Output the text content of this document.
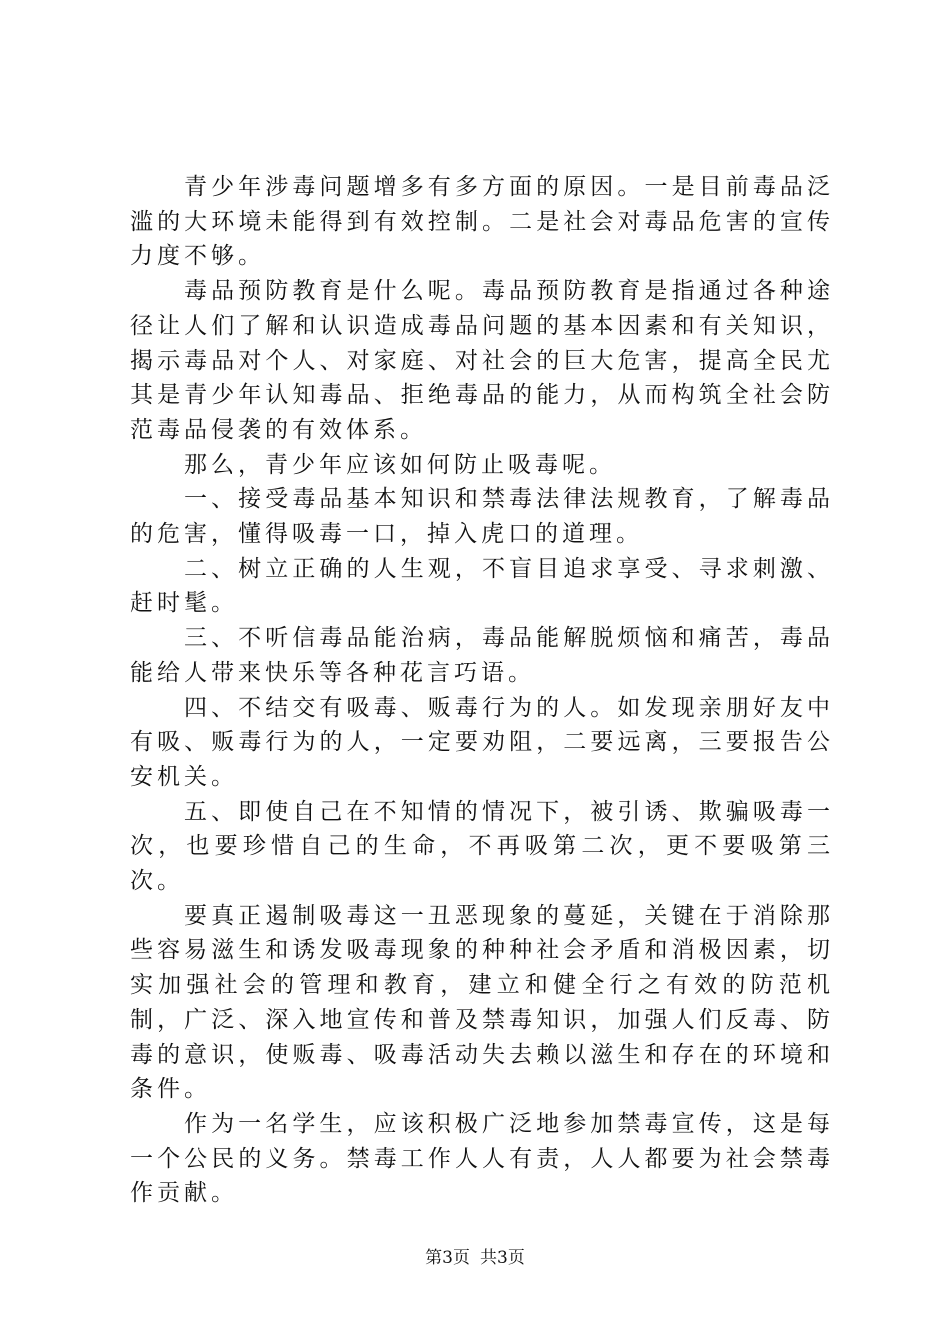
青少年涉毒问题增多有多方面的原因。一是目前毒品泛滥的大环境未能得到有效控制。二是社会对毒品危害的宣传力度不够。

毒品预防教育是什么呢。毒品预防教育是指通过各种途径让人们了解和认识造成毒品问题的基本因素和有关知识，揭示毒品对个人、对家庭、对社会的巨大危害，提高全民尤其是青少年认知毒品、拒绝毒品的能力，从而构筑全社会防范毒品侵袭的有效体系。

那么，青少年应该如何防止吸毒呢。

一、接受毒品基本知识和禁毒法律法规教育，了解毒品的危害，懂得吸毒一口，掉入虎口的道理。

二、树立正确的人生观，不盲目追求享受、寻求刺激、赶时髦。

三、不听信毒品能治病，毒品能解脱烦恼和痛苦，毒品能给人带来快乐等各种花言巧语。

四、不结交有吸毒、贩毒行为的人。如发现亲朋好友中有吸、贩毒行为的人，一定要劝阻，二要远离，三要报告公安机关。

五、即使自己在不知情的情况下，被引诱、欺骗吸毒一次，也要珍惜自己的生命，不再吸第二次，更不要吸第三次。

要真正遏制吸毒这一丑恶现象的蔓延，关键在于消除那些容易滋生和诱发吸毒现象的种种社会矛盾和消极因素，切实加强社会的管理和教育，建立和健全行之有效的防范机制，广泛、深入地宣传和普及禁毒知识，加强人们反毒、防毒的意识，使贩毒、吸毒活动失去赖以滋生和存在的环境和条件。

作为一名学生，应该积极广泛地参加禁毒宣传，这是每一个公民的义务。禁毒工作人人有责，人人都要为社会禁毒作贡献。

第3页 共3页
